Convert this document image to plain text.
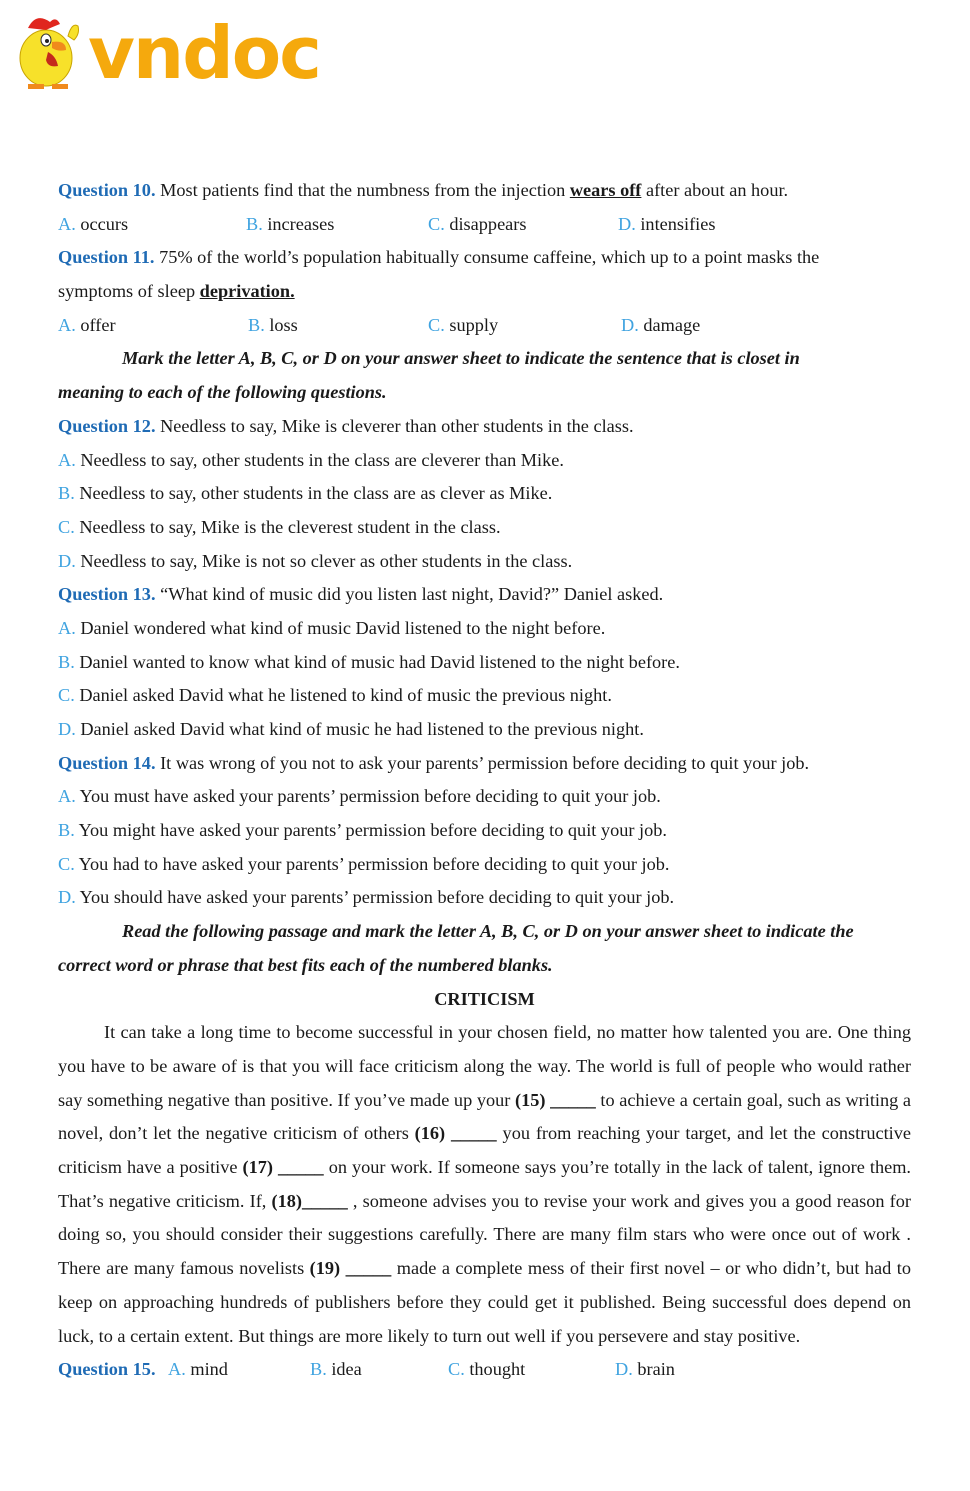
vndoc
Question 10. Most patients find that the numbness from the injection wears off after about an hour.
A. occurs	B. increases	C. disappears	D. intensifies
Question 11. 75% of the world’s population habitually consume caffeine, which up to a point masks the
symptoms of sleep deprivation.
A. offer	B. loss	C. supply	D. damage
Mark the letter A, B, C, or D on your answer sheet to indicate the sentence that is closet in
meaning to each of the following questions.
Question 12. Needless to say, Mike is cleverer than other students in the class.
A. Needless to say, other students in the class are cleverer than Mike.
B. Needless to say, other students in the class are as clever as Mike.
C. Needless to say, Mike is the cleverest student in the class.
D. Needless to say, Mike is not so clever as other students in the class.
Question 13. “What kind of music did you listen last night, David?” Daniel asked.
A. Daniel wondered what kind of music David listened to the night before.
B. Daniel wanted to know what kind of music had David listened to the night before.
C. Daniel asked David what he listened to kind of music the previous night.
D. Daniel asked David what kind of music he had listened to the previous night.
Question 14. It was wrong of you not to ask your parents’ permission before deciding to quit your job.
A. You must have asked your parents’ permission before deciding to quit your job.
B. You might have asked your parents’ permission before deciding to quit your job.
C. You had to have asked your parents’ permission before deciding to quit your job.
D. You should have asked your parents’ permission before deciding to quit your job.
Read the following passage and mark the letter A, B, C, or D on your answer sheet to indicate the
correct word or phrase that best fits each of the numbered blanks.
CRITICISM
It can take a long time to become successful in your chosen field, no matter how talented you are. One thing you have to be aware of is that you will face criticism along the way. The world is full of people who would rather say something negative than positive. If you’ve made up your (15) _____ to achieve a certain goal, such as writing a novel, don’t let the negative criticism of others (16) _____ you from reaching your target, and let the constructive criticism have a positive (17) _____ on your work. If someone says you’re totally in the lack of talent, ignore them. That’s negative criticism. If, (18)_____ , someone advises you to revise your work and gives you a good reason for doing so, you should consider their suggestions carefully. There are many film stars who were once out of work . There are many famous novelists (19) _____ made a complete mess of their first novel – or who didn’t, but had to keep on approaching hundreds of publishers before they could get it published. Being successful does depend on luck, to a certain extent. But things are more likely to turn out well if you persevere and stay positive.
Question 15. A. mind	B. idea	C. thought	D. brain
